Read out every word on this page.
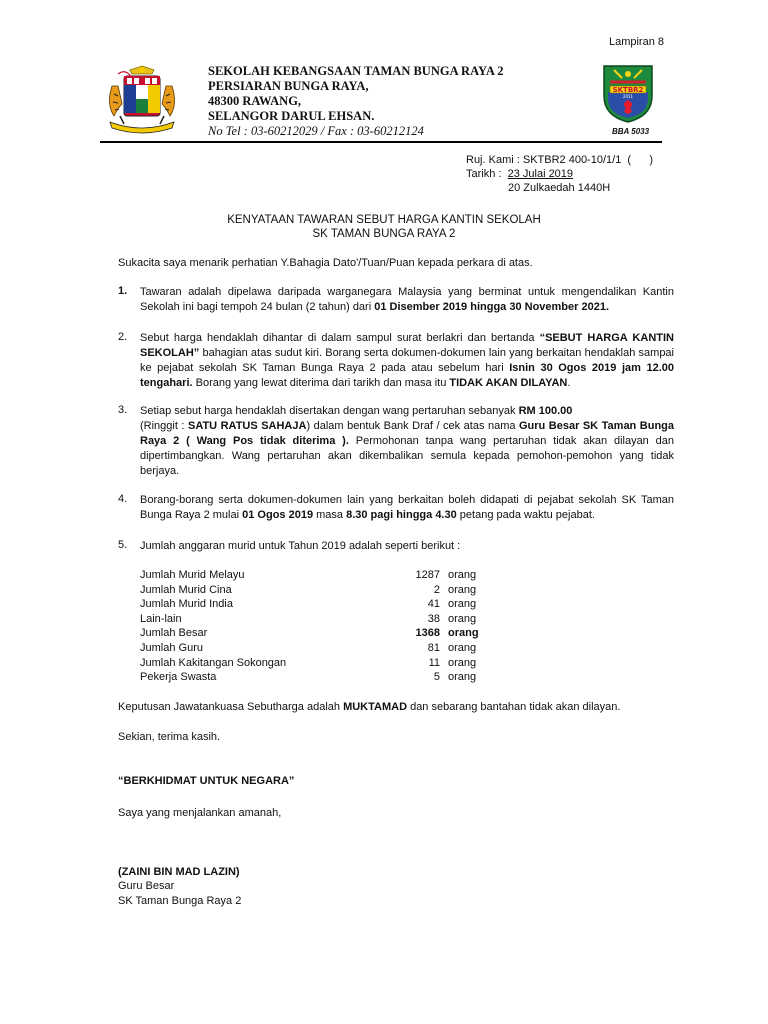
Lampiran 8
SEKOLAH KEBANGSAAN TAMAN BUNGA RAYA 2
PERSIARAN BUNGA RAYA,
48300 RAWANG,
SELANGOR DARUL EHSAN.
No Tel : 03-60212029 / Fax : 03-60212124
SKTBR2
2011
BBA 5033
Ruj. Kami : SKTBR2 400-10/1/1  (      )
Tarikh : 23 Julai 2019
20 Zulkaedah 1440H
KENYATAAN TAWARAN SEBUT HARGA KANTIN SEKOLAH
SK TAMAN BUNGA RAYA 2
Sukacita saya menarik perhatian Y.Bahagia Dato'/Tuan/Puan kepada perkara di atas.
1. Tawaran adalah dipelawa daripada warganegara Malaysia yang berminat untuk mengendalikan Kantin Sekolah ini bagi tempoh 24 bulan (2 tahun) dari 01 Disember 2019 hingga 30 November 2021.

2. Sebut harga hendaklah dihantar di dalam sampul surat berlakri dan bertanda “SEBUT HARGA KANTIN SEKOLAH” bahagian atas sudut kiri. Borang serta dokumen-dokumen lain yang berkaitan hendaklah sampai ke pejabat sekolah SK Taman Bunga Raya 2 pada atau sebelum hari Isnin 30 Ogos 2019 jam 12.00 tengahari. Borang yang lewat diterima dari tarikh dan masa itu TIDAK AKAN DILAYAN.

3. Setiap sebut harga hendaklah disertakan dengan wang pertaruhan sebanyak RM 100.00

(Ringgit : SATU RATUS SAHAJA) dalam bentuk Bank Draf / cek atas nama Guru Besar SK Taman Bunga Raya 2 ( Wang Pos tidak diterima ). Permohonan tanpa wang pertaruhan tidak akan dilayan dan dipertimbangkan. Wang pertaruhan akan dikembalikan semula kepada pemohon-pemohon yang tidak berjaya.

4. Borang-borang serta dokumen-dokumen lain yang berkaitan boleh didapati di pejabat sekolah SK Taman Bunga Raya 2 mulai 01 Ogos 2019 masa 8.30 pagi hingga 4.30 petang pada waktu pejabat.

5. Jumlah anggaran murid untuk Tahun 2019 adalah seperti berikut :

Jumlah Murid Melayu	1287 orang
Jumlah Murid Cina	2 orang
Jumlah Murid India	41 orang
Lain-lain	38 orang
Jumlah Besar	1368 orang
Jumlah Guru	81 orang
Jumlah Kakitangan Sokongan	11 orang
Pekerja Swasta	5 orang

Keputusan Jawatankuasa Sebutharga adalah MUKTAMAD dan sebarang bantahan tidak akan dilayan.

Sekian, terima kasih.
“BERKHIDMAT UNTUK NEGARA”
Saya yang menjalankan amanah,
(ZAINI BIN MAD LAZIN)
Guru Besar
SK Taman Bunga Raya 2
